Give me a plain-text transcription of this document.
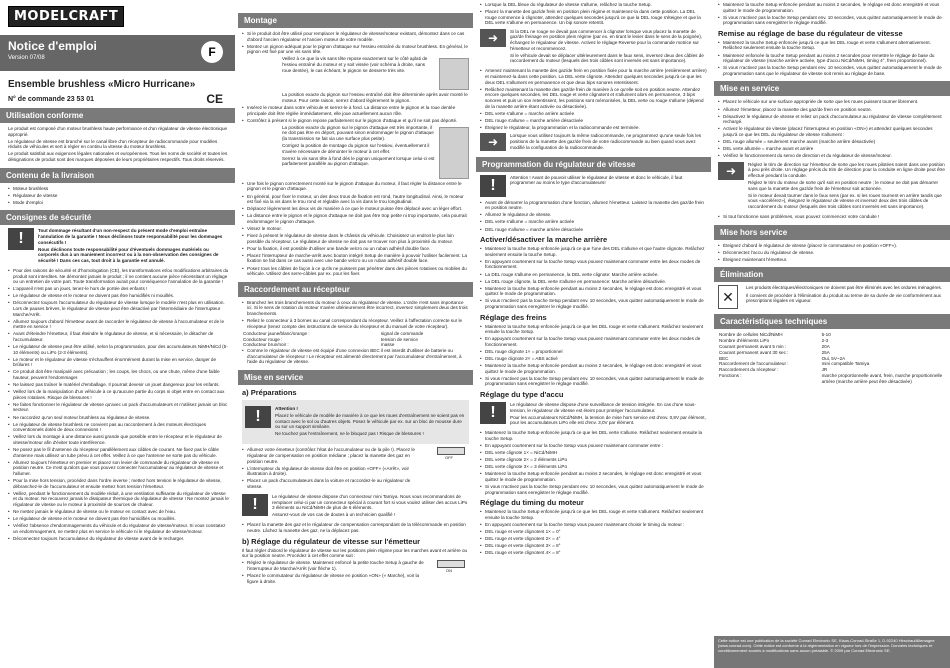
MODELCRAFT
Notice d'emploi
Version 07/08	F
Ensemble brushless «Micro Hurricane»
CE
N° de commande 23 53 01
Utilisation conforme

Le produit est composé d'un moteur brushless haute performance et d'un régulateur de vitesse électronique approprié.

Le régulateur de vitesse est branché sur le canal libre d'un récepteur de radiocommande pour modèles réduits de véhicules et sert à régler en continu la vitesse du moteur brushless.

Le produit satisfait aux exigences légales nationales et européennes. Tous les noms de société et toutes les désignations de produit sont des marques déposées de leurs propriétaires respectifs. Tous droits réservés.

Contenu de la livraison
• Moteur brushless
• Régulateur de vitesse
• Mode d'emploi
Consignes de sécurité
!	Tout dommage résultant d'un non-respect du présent mode d'emploi entraîne l'annulation de la garantie ! Nous déclinons toute responsabilité pour les dommages consécutifs !

Nous déclinons toute responsabilité pour d'éventuels dommages matériels ou corporels dus à un maniement incorrect ou à la non-observation des consignes de sécurité ! Dans ces cas, tout droit à la garantie est annulé.

• Pour des raisons de sécurité et d'homologation (CE), les transformations et/ou modifications arbitraires du produit sont interdites. Ne démontez jamais le produit ; il ne contient aucune pièce nécessitant un réglage ou un entretien de votre part. Toute transformation aurait pour conséquence l'annulation de la garantie !
• L'appareil n'est pas un jouet, tenez-le hors de portée des enfants !
• Le régulateur de vitesse et le moteur ne doivent pas être humidifiés ni mouillés.
• Déconnectez toujours l'accumulateur du régulateur de vitesse lorsque le modèle n'est plus en utilisation. Lors de pauses brèves, le régulateur de vitesse peut être désactivé par l'intermédiaire de l'interrupteur Marche/Arrêt.
• Allumez toujours d'abord l'émetteur avant de raccorder le régulateur de vitesse à l'accumulateur et de le mettre en service !
• Avant d'éteindre l'émetteur, il faut éteindre le régulateur de vitesse, et si nécessaire, le détacher de l'accumulateur.
• Le régulateur de vitesse peut être utilisé, selon la programmation, pour des accumulateurs NiMH/NiCd (5-10 éléments) ou LiPo (2-3 éléments).
• Le moteur et le régulateur de vitesse s'échauffent énormément durant la mise en service, danger de brûlures !
• Ce produit doit être manipulé avec précaution ; les coups, les chocs, ou une chute, même d'une faible hauteur, peuvent l'endommager.
• Ne laissez pas traîner le matériel d'emballage. Il pourrait devenir un jouet dangereux pour les enfants.
• Veillez lors de la manipulation d'un véhicule à ce qu'aucune partie du corps ni objet entre en contact aux pièces rotatives. Risque de blessures !
• Ne faites fonctionner le régulateur de vitesse qu'avec un pack d'accumulateurs et n'utilisez jamais un bloc secteur.
• Ne raccordez qu'un seul moteur brushless au régulateur de vitesse.
• Le régulateur de vitesse brushless ne convient pas au raccordement à des moteurs électriques conventionnels dotés de deux connexions !
• Veillez lors du montage à une distance aussi grande que possible entre le récepteur et le régulateur de vitesse/moteur afin d'éviter toute interférence.
• Ne posez pas le fil d'antenne du récepteur parallèlement aux câbles de courant. Ne fixez pas le câble d'antenne mais utilisez un tube prévu à cet effet. Veillez à ce que l'antenne ne sorte pas du véhicule.
• Allumez toujours l'émetteur en premier et placez son levier de commande du régulateur de vitesse en position neutre. Ce n'est qu'alors que vous pouvez connecter l'accumulateur au régulateur de vitesse et l'allumer.
• Pour la mise hors tension, procédez dans l'ordre inverse ; mettez hors tension le régulateur de vitesse, débranchez-le de l'accumulateur et ensuite mettez hors tension l'émetteur.
• Veillez, pendant le fonctionnement du modèle réduit, à une ventilation suffisante du régulateur de vitesse et du moteur. Ne recouvrez jamais le dissipateur thermique du régulateur de vitesse ! Ne montez jamais le régulateur de vitesse ou le moteur à proximité de sources de chaleur.
• Ne mettez jamais le régulateur de vitesse ou le moteur en contact avec de l'eau.
• Le régulateur de vitesse et le moteur ne doivent pas être humidifiés ou mouillés.
• Vérifiez l'absence d'endommagements du véhicule et du régulateur de vitesse/moteur. Si vous constatez un endommagement, ne mettez plus en service le véhicule ni le régulateur de vitesse/moteur.
• Déconnectez toujours l'accumulateur du régulateur de vitesse avant de le recharger.
Montage
• Si le produit doit être utilisé pour remplacer le régulateur de vitesse/moteur existant, démontez dans ce cas d'abord l'ancien régulateur et l'ancien moteur de votre modèle.
• Montez un pignon adéquat pour le pignon d'attaque sur l'essieu entraîné du moteur brushless. En général, le pignon est fixé par une vis sans tête.

Veillez à ce que la vis sans tête repose exactement sur le côté aplati de l'essieu entraîné du moteur et y soit vissée (voir schéma à droite, sans roue dentée), le cas échéant, le pignon se desserre très vite.

La position exacte du pignon sur l'essieu entraîné doit être déterminée après avoir monté le moteur. Pour cette raison, serrez d'abord légèrement le pignon.

• Insérez le moteur dans votre véhicule et serrez-le à fond. La distance entre le pignon et la roue dentée principale doit être réglée immédiatement, elle joue actuellement aucun rôle.
• Contrôlez à présent si le pignon repose parfaitement sur le pignon d'attaque et qu'il ne soit pas déporté.

La position exacte du pignon sur le pignon d'attaque est très importante, il ne doit pas être en déport, pouvant sinon endommager le pignon d'attaque (la transmission se fait via une surface plus petite).

Corrigez la position de montage du pignon sur l'essieu, éventuellement il s'avère nécessaire de démonter le moteur à cet effet.

Serrez la vis sans tête à fond dès le pignon uniquement lorsque celui-ci est parfaitement parallèle au pignon d'attaque.

• Une fois le pignon correctement monté sur le pignon d'attaque du moteur, il faut régler la distance entre le pignon et le pignon d'attaque.
• En général, pour fixer le moteur, un des deux trous de fixation est rond, l'autre longitudinal. Ainsi, le moteur est fixé via la vis dans le trou rond et réglable avec la vis dans le trou longitudinal.
• Déplacez légèrement les deux vis de manière à ce que le moteur puisse être déplacé avec un léger effort.
• La distance entre le pignon et le pignon d'attaque ne doit pas être trop petite ni trop importante, cela pourrait endommager le pignon d'attaque.
• Vissez le moteur.
• Fixez à présent le régulateur de vitesse dans le châssis du véhicule. Choisissez un endroit le plus loin possible du récepteur. Le régulateur de vitesse ne doit pas se trouver non plus à proximité du moteur.
• Pour la fixation, il est possible d'utiliser une bande velcro ou un ruban adhésif double face.
• Placez l'interrupteur de marche-arrêt avec bouton intégré Setup de manière à pouvoir l'utiliser facilement. La fixation se fait dans ce cas aussi avec une bande velcro ou un ruban adhésif double face.
• Posez tous les câbles de façon à ce qu'ils ne puissent pas pénétrer dans des pièces rotatives ou mobiles du véhicule. Utilisez des serre-câbles par ex. pour les fixer.
Raccordement au récepteur
• Branchez les trois branchements du moteur à ceux du régulateur de vitesse. L'ordre n'est sans importance ici. Si le sens de rotation du moteur s'avère ultérieurement être incorrect, inversez simplement deux des trois branchements.
• Reliez le connecteur à 3 bornes au canal correspondant du récepteur. Veillez à l'affectation correcte sur le récepteur (tenez compte des instructions de service du récepteur et du manuel de votre récepteur).
Conducteur jaune/blanc/orange :	signal de commande
Conducteur rouge :	tension de service
Conducteur brun/noir :	masse
• Comme le régulateur de vitesse est équipé d'une connexion BEC il est interdit d'utiliser de batterie ou d'accumulateur de récepteur ! Le récepteur est alimenté directement par l'accumulateur d'entraînement, à l'aide du régulateur de vitesse.
Mise en service
a) Préparations
!	Attention !

Placez le véhicule de modèle de manière à ce que les roues d'entraînement ne soient pas en contact avec le sol ou d'autres objets. Posez le véhicule par ex. sur un bloc de mousse dure ou sur un support similaire.

Ne touchez pas l'entraînement, ne le bloquez pas ! Risque de blessures !

• Allumez votre émetteur (contrôlez l'état de l'accumulateur ou de la pile !). Placez le régulateur de compensation en position médiane ; placez la manette des gaz en position neutre.
• L'interrupteur du régulateur de vitesse doit être en position «OFF» («Arrêt», voir illustration à droite).
• Placez un pack d'accumulateurs dans la voiture et raccordez-le au régulateur de vitesse.

OFF
!	Le régulateur de vitesse dispose d'un connecteur mini Tamiya. Nous vous recommandons de remplacer celui-ci par un connecteur spécial à courant fort si vous voulez utiliser des accus LiPo 3 éléments ou NiCd/NiMH de plus de 6 éléments.

Assurez-vous de vos cas de doutes à un technicien qualifié !

• Placez la manette des gaz et le régulateur de compensation correspondant de la télécommande en position neutre. Lâchez la manette des gaz, ne la déplacez pas.
b) Réglage du régulateur de vitesse sur l'émetteur

Il faut régler d'abord le régulateur de vitesse sur les positions plein régime pour les marches avant et arrière ou sur la position neutre. Procédez à cet effet comme suit :

• Réglez le régulateur de vitesse. Maintenez enfoncé la petite touche Setup à gauche de l'interrupteur de Marche/Arrêt (voir flèche 1).
• Placez le commutateur du régulateur de vitesse en position «ON» (« Marche), voir la figure à droite.

ON
• Lorsque la DEL bleue du régulateur de vitesse s'allume, relâchez la touche Setup.
• Placez la manette des gaz/de frein en position plein régime et maintenez-la dans cette position. La DEL rouge commence à clignoter, attendez quelques secondes jusqu'à ce que la DEL rouge s'éteigne et que la DEL verte s'allume en permanence. Un bip sonore retentit.
➜	Si la DEL ne rouge ne devait pas commencer à clignoter lorsque vous placez la manette de gaz/de freinage en position plein régime (par ex. en tirant le levier dans le sens de la poignée), échangez le régulateur de vitesse. Activez le réglage Reverse pour la commande motrice sur l'émetteur et recommencez.

Si le véhicule devait se déplacer ultérieurement dans le faux sens, inversez deux des câbles de raccordement du moteur (lesquels des trois câbles sont inversés est sans importance).

• Amenez maintenant la manette des gaz/de frein en position fixée pour la marche arrière (entièrement arrière) et maintenez-la dans cette position. La DEL verte clignote. Attendez quelques secondes jusqu'à ce que les deux DEL s'allument en permanence et que deux bips sonores retentissent.
• Relâchez maintenant la manette des gaz/de frein de manière à ce qu'elle soit en position neutre. Attendez encore quelques secondes, les DEL rouge et verte clignotent et s'allument alors en permanence, 3 bips sonores et puis un son retentissent, les positions sont mémorisées, la DEL verte ou rouge s'allume (dépend de la manette arrière étant activée ou désactivée).
• DEL verte s'allume = marche arrière activée
• DEL rouge s'allume = marche arrière désactivée
• Éteignez le régulateur, la programmation et la radiocommande est terminée.
➜	Lorsque vous utilisez toujours la même radiocommande, ne programmez qu'une seule fois les positions de la manette des gaz/de frein de votre radiocommande ou bien quand vous avez modifié la configuration de la radiocommande.

Programmation du régulateur de vitesse
!	Attention ! Avant de pouvoir utiliser le régulateur de vitesse et donc le véhicule, il faut programmer au moins le type d'accumulateurs!

• Avant de démarrer la programmation d'une fonction, allumez l'émetteur. Laissez la manette des gaz/de frein en position neutre.
• Allumez le régulateur de vitesse.
• DEL verte s'allume = marche arrière activée
• DEL rouge s'allume = marche arrière désactivée
Activer/désactiver la marche arrière
• Maintenez la touche Setup enfoncée jusqu'à ce que l'une des DEL s'allume et que l'autre clignote. Relâchez seulement ensuite la touche Setup.
• En appuyant courtement sur la touche Setup vous pouvez maintenant commuter entre les deux modes de fonctionnement.
• La DEL rouge s'allume en permanence, la DEL verte clignote: Marche arrière activée.
• La DEL rouge clignote, la DEL verte s'allume en permanence: Marche arrière désactivée.
• Maintenez la touche Setup enfoncée pendant au moins 2 secondes, le réglage est donc enregistré et vous quittez le mode de programmation.
• Si vous n'activez pas la touche Setup pendant env. 10 secondes, vous quittez automatiquement le mode de programmation sans enregistrer le réglage modifié.
Réglage des freins
• Maintenez la touche Setup enfoncée jusqu'à ce que les DEL rouge et verte s'allument. Relâchez seulement ensuite la touche Setup.
• En appuyant courtement sur la touche Setup vous pouvez maintenant commuter entre les deux modes de fonctionnement.
• DEL rouge clignote 1× = proportionnel
• DEL rouge clignote 2× = ABS activé
• Maintenez la touche Setup enfoncée pendant au moins 2 secondes, le réglage est donc enregistré et vous quittez le mode de programmation.
• Si vous n'activez pas la touche Setup pendant env. 10 secondes, vous quittez automatiquement le mode de programmation sans enregistrer le réglage modifié.
Réglage du type d'accu
!	Le régulateur de vitesse dispose d'une surveillance de tension intégrée. En cas d'une sous-tension, le régulateur de vitesse est éteint pour protéger l'accumulateur.

Pour les accumulateurs NiCd/NiMH, la tension de mise hors service est d'env. 0,8V par élément, pour les accumulateurs LiPo elle est d'env. 3,0V par élément.

• Maintenez la touche Setup enfoncée jusqu'à ce que les DEL verte s'allume. Relâchez seulement ensuite la touche Setup.
• En appuyant courtement sur la touche Setup vous pouvez maintenant commuter entre :
• DEL verte clignote 1× = NiCd/NiMH
• DEL verte clignote 2× = 2 éléments LiPo
• DEL verte clignote 3× = 3 éléments LiPo
• Maintenez la touche Setup enfoncée pendant au moins 2 secondes, le réglage est donc enregistré et vous quittez le mode de programmation.
• Si vous n'activez pas la touche Setup pendant env. 10 secondes, vous quittez automatiquement le mode de programmation sans enregistrer le réglage modifié.
Réglage du timing du moteur
• Maintenez la touche Setup enfoncée jusqu'à ce que les DEL rouge et verte s'allument. Relâchez seulement ensuite la touche Setup.
• En appuyant courtement sur la touche Setup vous pouvez maintenant choisir le timing du moteur :
• DEL rouge et verte clignotent 1× = 0°
• DEL rouge et verte clignotent 2× = 4°
• DEL rouge et verte clignotent 3× = 8°
• DEL rouge et verte clignotent 4× = 8°
• Maintenez la touche Setup enfoncée pendant au moins 2 secondes, le réglage est donc enregistré et vous quittez le mode de programmation.
• Si vous n'activez pas la touche Setup pendant env. 10 secondes, vous quittez automatiquement le mode de programmation sans enregistrer le réglage modifié.
Remise au réglage de base du régulateur de vitesse
• Maintenez la touche Setup enfoncée jusqu'à ce que les DEL rouge et verte s'allument alternativement. Relâchez seulement ensuite la touche Setup.
• Maintenez enfoncée la touche Setup pendant au moins 2 secondes pour remettre le réglage de base du régulateur de vitesse (marche arrière activée, type d'accu NiCd/NiMH, timing 4°, frein proportionnel).
• Si vous n'activez pas la touche Setup pendant env. 10 secondes, vous quittez automatiquement le mode de programmation sans que le régulateur de vitesse soit remis au réglage de base.
Mise en service
• Placez le véhicule sur une surface appropriée de sorte que les roues puissent tourner librement.
• Allumez l'émetteur, placez la manette des gaz/de frein en position neutre.
• Désactivez le régulateur de vitesse et reliez un pack d'accumulateur au régulateur de vitesse complètement rechargé.
• Activez le régulateur de vitesse (placez l'interrupteur en position «ON») et attendez quelques secondes jusqu'à ce que les DEL du régulateur de vitesse s'allument :
• DEL rouge allumée = seulement marche avant (marche arrière désactivée)
• DEL verte allumée = marche avant et arrière
• Vérifiez le fonctionnement du servo de direction et du régulateur de vitesse/moteur.
➜	Réglez le trim de direction sur l'émetteur de sorte que les roues pilotées soient dans une position à peu près droite. Un réglage précis du trim de direction pour la conduite en ligne droite peut être effectué pendant la conduite.

Réglez le trim du moteur de sorte qu'il soit en position neutre ; le moteur ne doit pas démarrer sans que la manette des gaz/de frein de l'émetteur soit actionnée.

Si le moteur devait tourner dans le faux sens (par ex. si les roues tournent en arrière tandis que vous «accélérez»), éteignez le régulateur de vitesse et inversez deux des trois câbles de raccordement du moteur (lesquels des trois câbles sont inversés est sans importance).

• Si tout fonctionne sans problèmes, vous pouvez commencez votre conduite !
Mise hors service
• Éteignez d'abord le régulateur de vitesse (placez le commutateur en position «OFF»).
• Déconnectez l'accu du régulateur de vitesse.
• Éteignez maintenant l'émetteur.
Élimination
✕

Les produits électriques/électroniques ne doivent pas être éliminés avec les ordures ménagères.

Il convient de procéder à l'élimination du produit au terme de sa durée de vie conformément aux prescriptions légales en vigueur.

Caractéristiques techniques
Nombre de cellules NiCd/NiMH	5-10
Nombre d'éléments LiPo	2-3
Courant permanent avant 5 min :	20A
Courant permanent avant 30 sec :	25A
BEC	Oui, 5V~2A
Raccordement de l'accumulateur :	mini compatible Tamiya
Raccordement du récepteur :	JR
Fonctions :	marche proportionnelle avant, frein, marche proportionnelle arrière (marche arrière peut être désactivée)

Cette notice est une publication de la société Conrad Electronic SE, Klaus-Conrad-Straße 1, D-92240 Hirschau/Allemagne (www.conrad.com). Cette notice est conforme à la réglementation en vigueur lors de l'impression. Données techniques et conditionnement soumis à modifications sans aucun préalable. © 2009 par Conrad Electronic SE.
